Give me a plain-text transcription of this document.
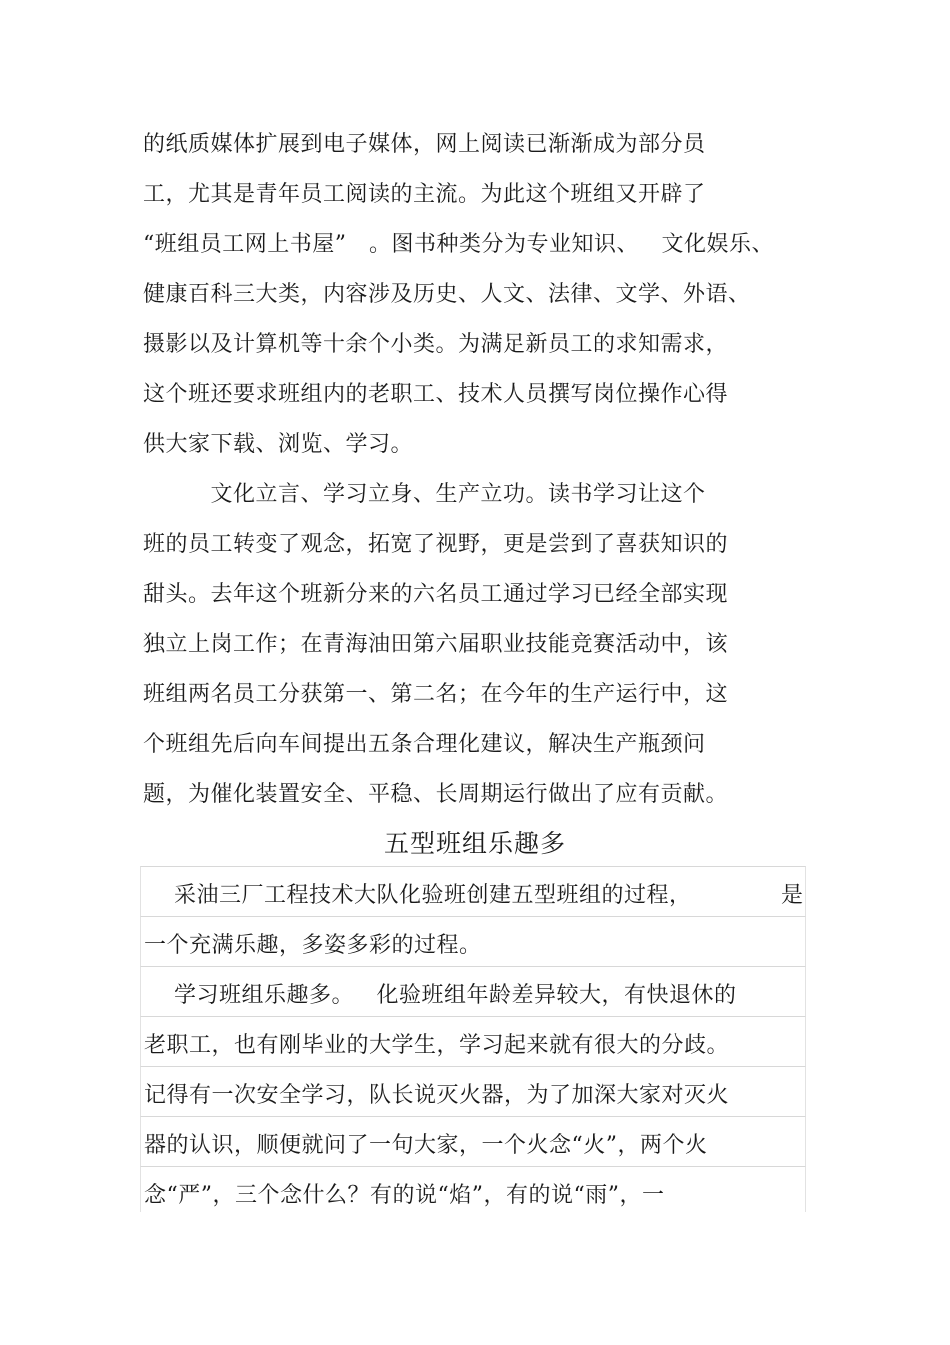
的纸质媒体扩展到电子媒体，网上阅读已渐渐成为部分员
工，尤其是青年员工阅读的主流。为此这个班组又开辟了
“班组员工网上书屋”   。图书种类分为专业知识、   文化娱乐、
健康百科三大类，内容涉及历史、人文、法律、文学、外语、
摄影以及计算机等十余个小类。为满足新员工的求知需求，
这个班还要求班组内的老职工、技术人员撰写岗位操作心得
供大家下载、浏览、学习。
文化立言、学习立身、生产立功。读书学习让这个
班的员工转变了观念，拓宽了视野，更是尝到了喜获知识的
甜头。去年这个班新分来的六名员工通过学习已经全部实现
独立上岗工作；在青海油田第六届职业技能竞赛活动中，该
班组两名员工分获第一、第二名；在今年的生产运行中，这
个班组先后向车间提出五条合理化建议，解决生产瓶颈问
题，为催化装置安全、平稳、长周期运行做出了应有贡献。
五型班组乐趣多
采油三厂工程技术大队化验班创建五型班组的过程，	是
一个充满乐趣，多姿多彩的过程。
学习班组乐趣多。   化验班组年龄差异较大，有快退休的
老职工，也有刚毕业的大学生，学习起来就有很大的分歧。
记得有一次安全学习，队长说灭火器，为了加深大家对灭火
器的认识，顺便就问了一句大家，一个火念“火”，两个火
念“严”，三个念什么？有的说“焰”，有的说“雨”，一
